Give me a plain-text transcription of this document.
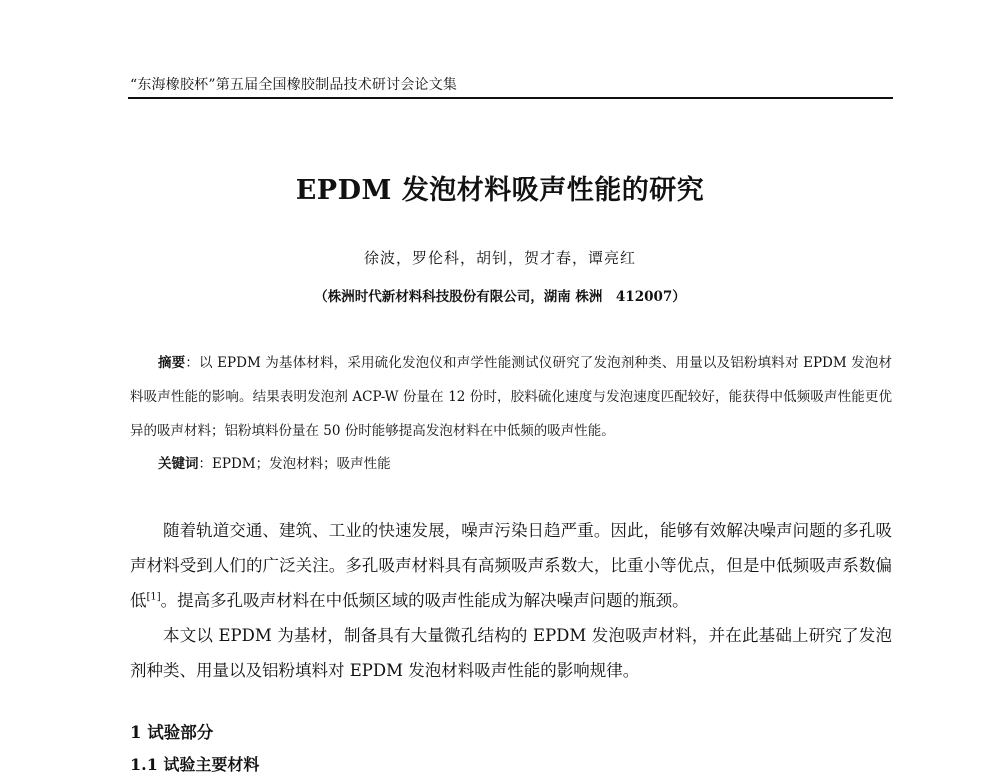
“东海橡胶杯”第五届全国橡胶制品技术研讨会论文集
EPDM 发泡材料吸声性能的研究
徐波，罗伦科，胡钊，贺才春，谭亮红
（株洲时代新材料科技股份有限公司，湖南 株洲　412007）
摘要：以 EPDM 为基体材料，采用硫化发泡仪和声学性能测试仪研究了发泡剂种类、用量以及铝粉填料对 EPDM 发泡材料吸声性能的影响。结果表明发泡剂 ACP-W 份量在 12 份时，胶料硫化速度与发泡速度匹配较好，能获得中低频吸声性能更优异的吸声材料；铝粉填料份量在 50 份时能够提高发泡材料在中低频的吸声性能。
关键词：EPDM；发泡材料；吸声性能
随着轨道交通、建筑、工业的快速发展，噪声污染日趋严重。因此，能够有效解决噪声问题的多孔吸声材料受到人们的广泛关注。多孔吸声材料具有高频吸声系数大，比重小等优点，但是中低频吸声系数偏低[1]。提高多孔吸声材料在中低频区域的吸声性能成为解决噪声问题的瓶颈。
本文以 EPDM 为基材，制备具有大量微孔结构的 EPDM 发泡吸声材料，并在此基础上研究了发泡剂种类、用量以及铝粉填料对 EPDM 发泡材料吸声性能的影响规律。
1 试验部分
1.1 试验主要材料
